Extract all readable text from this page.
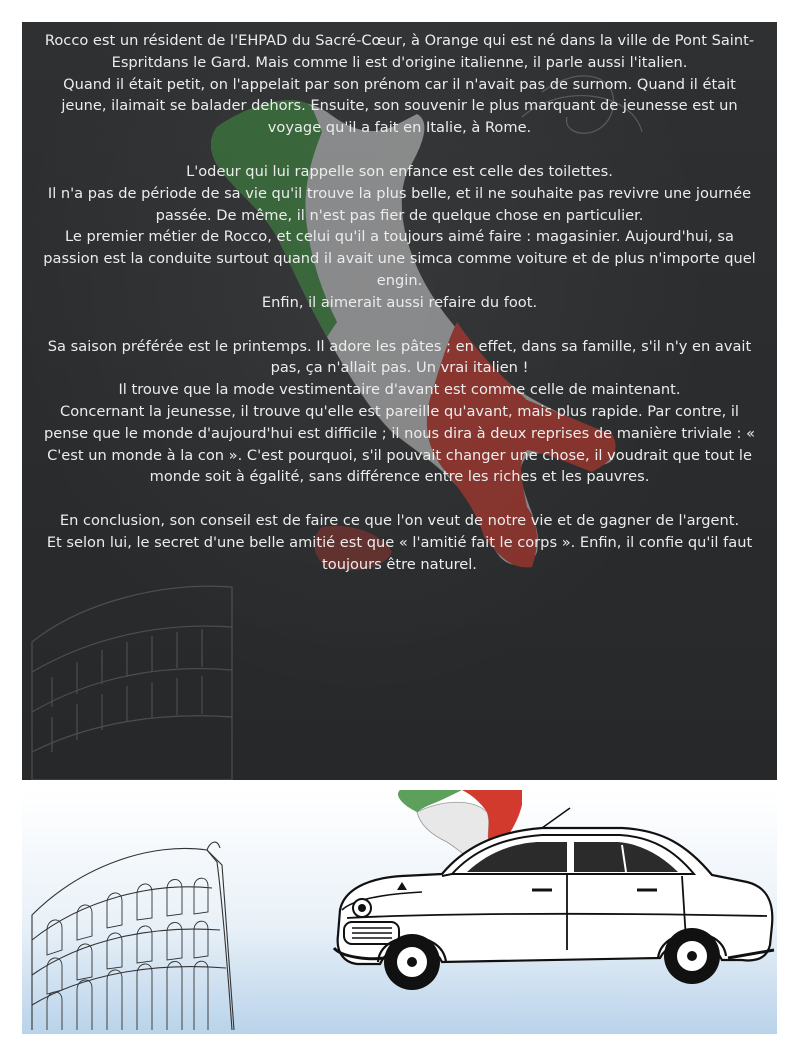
Rocco est un résident de l'EHPAD du Sacré-Cœur, à Orange qui est né dans la ville de Pont Saint-Espritdans le Gard. Mais comme li est d'origine italienne, il parle aussi l'italien.

Quand il était petit, on l'appelait par son prénom car il n'avait pas de surnom. Quand il était jeune, ilaimait se balader dehors. Ensuite, son souvenir le plus marquant de jeunesse est un voyage qu'il a fait en Italie, à Rome.

L'odeur qui lui rappelle son enfance est celle des toilettes.

Il n'a pas de période de sa vie qu'il trouve la plus belle, et il ne souhaite pas revivre une journée passée. De même, il n'est pas fier de quelque chose en particulier.

Le premier métier de Rocco, et celui qu'il a toujours aimé faire : magasinier. Aujourd'hui, sa passion est la conduite surtout quand il avait une simca comme voiture et de plus n'importe quel engin.

Enfin, il aimerait aussi refaire du foot.

Sa saison préférée est le printemps. Il adore les pâtes ; en effet, dans sa famille, s'il n'y en avait pas, ça n'allait pas. Un vrai italien !

Il trouve que la mode vestimentaire d'avant est comme celle de maintenant.

Concernant la jeunesse, il trouve qu'elle est pareille qu'avant, mais plus rapide. Par contre, il pense que le monde d'aujourd'hui est difficile ; il nous dira à deux reprises de manière triviale : « C'est un monde à la con ». C'est pourquoi, s'il pouvait changer une chose, il voudrait que tout le monde soit à égalité, sans différence entre les riches et les pauvres.

En conclusion, son conseil est de faire ce que l'on veut de notre vie et de gagner de l'argent.

Et selon lui, le secret d'une belle amitié est que « l'amitié fait le corps ». Enfin, il confie qu'il faut toujours être naturel.
